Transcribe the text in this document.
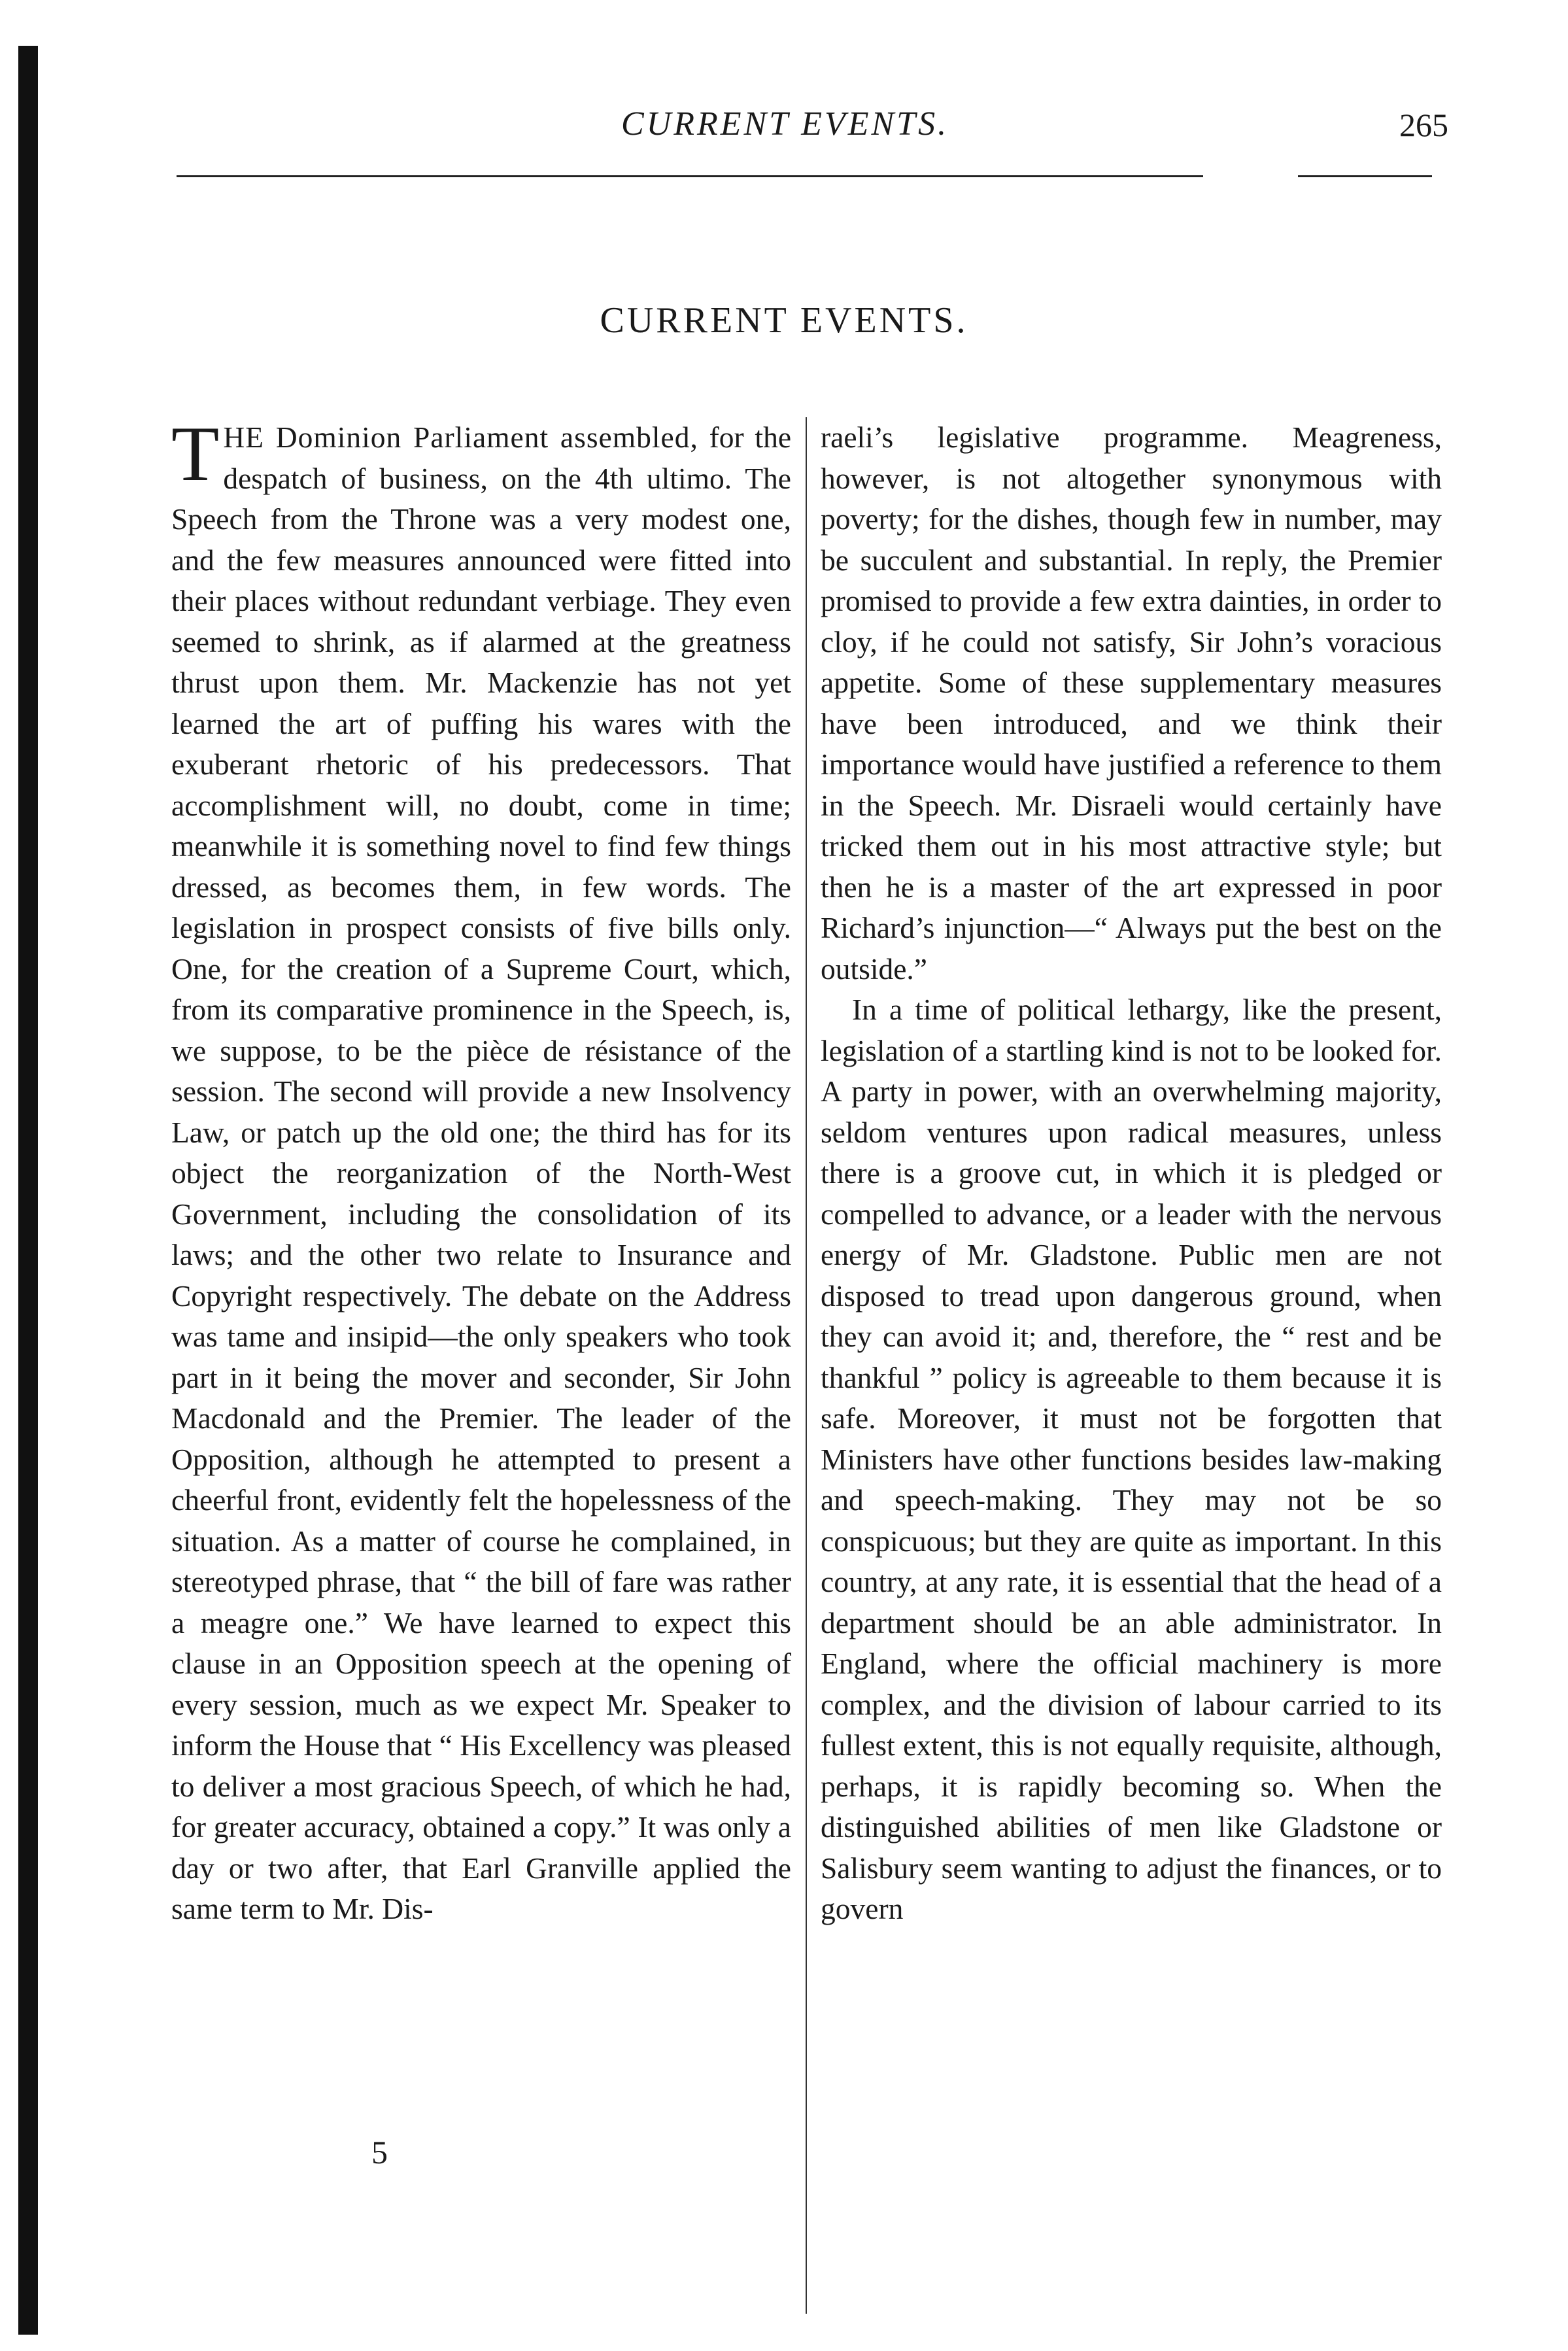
CURRENT EVENTS.	265
CURRENT EVENTS.

THE Dominion Parliament assembled, for the despatch of business, on the 4th ultimo. The Speech from the Throne was a very modest one, and the few measures announced were fitted into their places without redundant verbiage. They even seemed to shrink, as if alarmed at the greatness thrust upon them. Mr. Mackenzie has not yet learned the art of puffing his wares with the exuberant rhetoric of his predecessors. That accomplishment will, no doubt, come in time; meanwhile it is something novel to find few things dressed, as becomes them, in few words. The legislation in prospect consists of five bills only. One, for the creation of a Supreme Court, which, from its comparative prominence in the Speech, is, we suppose, to be the pièce de résistance of the session. The second will provide a new Insolvency Law, or patch up the old one; the third has for its object the reorganization of the North-West Government, including the consolidation of its laws; and the other two relate to Insurance and Copyright respectively. The debate on the Address was tame and insipid—the only speakers who took part in it being the mover and seconder, Sir John Macdonald and the Premier. The leader of the Opposition, although he attempted to present a cheerful front, evidently felt the hopelessness of the situation. As a matter of course he complained, in stereotyped phrase, that “ the bill of fare was rather a meagre one.” We have learned to expect this clause in an Opposition speech at the opening of every session, much as we expect Mr. Speaker to inform the House that “ His Excellency was pleased to deliver a most gracious Speech, of which he had, for greater accuracy, obtained a copy.” It was only a day or two after, that Earl Granville applied the same term to Mr. Dis-

raeli’s legislative programme. Meagreness, however, is not altogether synonymous with poverty; for the dishes, though few in number, may be succulent and substantial. In reply, the Premier promised to provide a few extra dainties, in order to cloy, if he could not satisfy, Sir John’s voracious appetite. Some of these supplementary measures have been introduced, and we think their importance would have justified a reference to them in the Speech. Mr. Disraeli would certainly have tricked them out in his most attractive style; but then he is a master of the art expressed in poor Richard’s injunction—“ Always put the best on the outside.”

In a time of political lethargy, like the present, legislation of a startling kind is not to be looked for. A party in power, with an overwhelming majority, seldom ventures upon radical measures, unless there is a groove cut, in which it is pledged or compelled to advance, or a leader with the nervous energy of Mr. Gladstone. Public men are not disposed to tread upon dangerous ground, when they can avoid it; and, therefore, the “ rest and be thankful ” policy is agreeable to them because it is safe. Moreover, it must not be forgotten that Ministers have other functions besides law-making and speech-making. They may not be so conspicuous; but they are quite as important. In this country, at any rate, it is essential that the head of a department should be an able administrator. In England, where the official machinery is more complex, and the division of labour carried to its fullest extent, this is not equally requisite, although, perhaps, it is rapidly becoming so. When the distinguished abilities of men like Gladstone or Salisbury seem wanting to adjust the finances, or to govern

5
